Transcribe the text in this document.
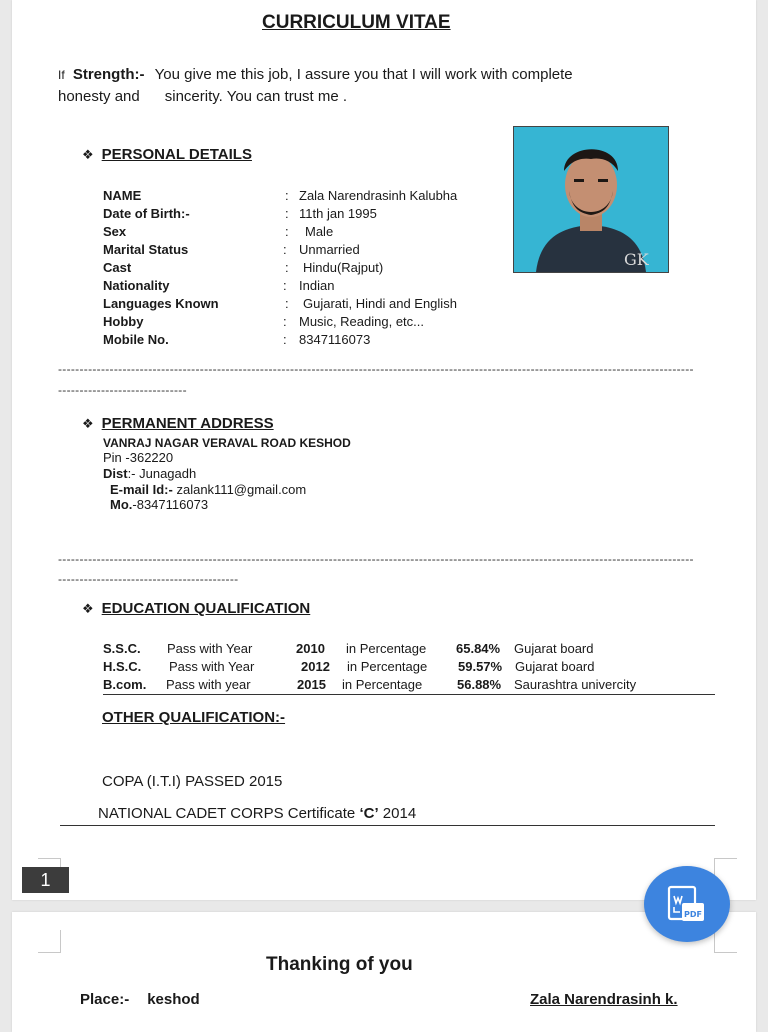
CURRICULUM VITAE
If Strength:- You give me this job, I assure you that I will work with complete
honesty and      sincerity. You can trust me .
❖ PERSONAL DETAILS
GK
NAME	: Zala Narendrasinh Kalubha
Date of Birth:-	: 11th jan 1995
Sex	: Male
Marital Status	: Unmarried
Cast	: Hindu(Rajput)
Nationality	: Indian
Languages Known	: Gujarati, Hindi and English
Hobby	: Music, Reading, etc...
Mobile No.	: 8347116073
----------------------------------------------------------------------------------------------------------------------------------------------------
------------------------------
❖ PERMANENT ADDRESS
VANRAJ NAGAR VERAVAL ROAD KESHOD
Pin -362220
Dist:- Junagadh
E-mail Id:- zalank111@gmail.com
Mo.-8347116073
----------------------------------------------------------------------------------------------------------------------------------------------------
------------------------------------------
❖ EDUCATION QUALIFICATION
S.S.C. Pass with Year	2010 in Percentage 65.84% Gujarat board
H.S.C. Pass with Year	2012 in Percentage 59.57% Gujarat board
B.com. Pass with year	2015 in Percentage	56.88% Saurashtra univercity
OTHER QUALIFICATION:-
COPA (I.T.I) PASSED 2015
NATIONAL CADET CORPS Certificate ‘C’ 2014
Thanking of you
Place:- keshod	Zala Narendrasinh k.
1
PDF
